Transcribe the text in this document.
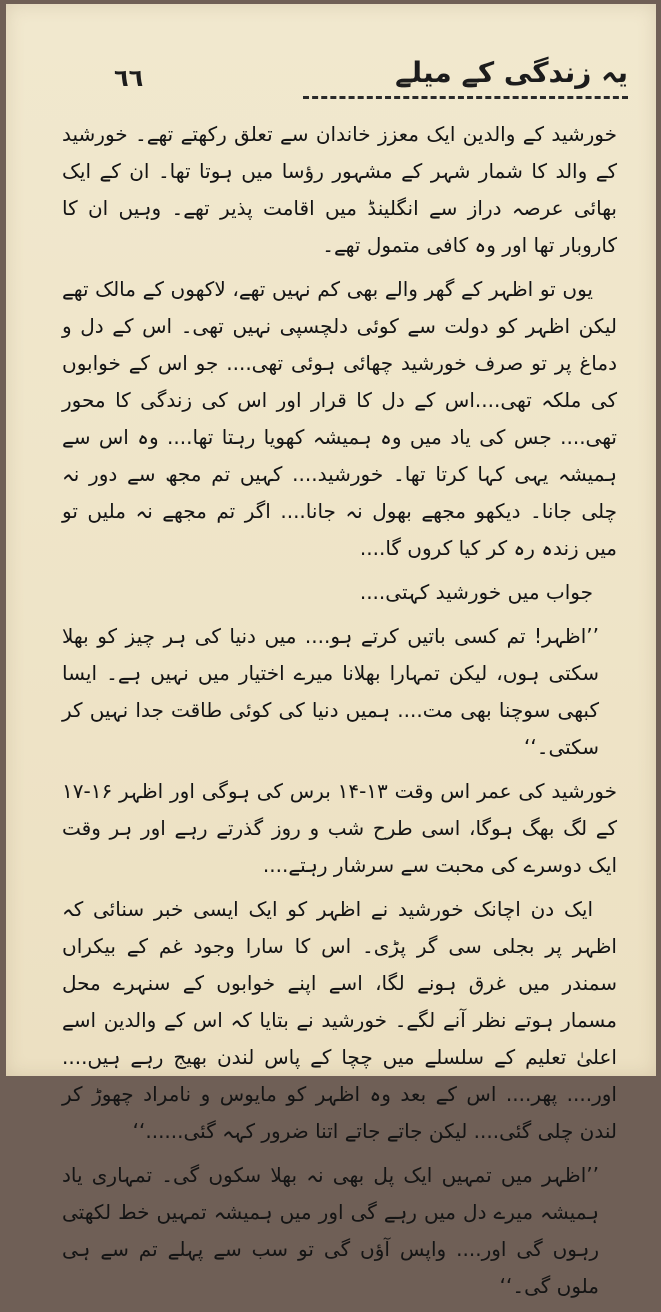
٦٦	یہ زندگی کے میلے

خورشید کے والدین ایک معزز خاندان سے تعلق رکھتے تھے۔ خورشید کے والد کا شمار شہر کے مشہور رؤسا میں ہوتا تھا۔ ان کے ایک بھائی عرصہ دراز سے انگلینڈ میں اقامت پذیر تھے۔ وہیں ان کا کاروبار تھا اور وہ کافی متمول تھے۔

یوں تو اظہر کے گھر والے بھی کم نہیں تھے، لاکھوں کے مالک تھے لیکن اظہر کو دولت سے کوئی دلچسپی نہیں تھی۔ اس کے دل و دماغ پر تو صرف خورشید چھائی ہوئی تھی.... جو اس کے خوابوں کی ملکہ تھی....اس کے دل کا قرار اور اس کی زندگی کا محور تھی.... جس کی یاد میں وہ ہمیشہ کھویا رہتا تھا.... وہ اس سے ہمیشہ یہی کہا کرتا تھا۔ خورشید.... کہیں تم مجھ سے دور نہ چلی جانا۔ دیکھو مجھے بھول نہ جانا.... اگر تم مجھے نہ ملیں تو میں زندہ رہ کر کیا کروں گا....

جواب میں خورشید کہتی....

’’اظہر! تم کسی باتیں کرتے ہو.... میں دنیا کی ہر چیز کو بھلا سکتی ہوں، لیکن تمہارا بھلانا میرے اختیار میں نہیں ہے۔ ایسا کبھی سوچنا بھی مت.... ہمیں دنیا کی کوئی طاقت جدا نہیں کر سکتی۔‘‘

خورشید کی عمر اس وقت ۱۳-۱۴ برس کی ہوگی اور اظہر ۱۶-۱۷ کے لگ بھگ ہوگا، اسی طرح شب و روز گذرتے رہے اور ہر وقت ایک دوسرے کی محبت سے سرشار رہتے....

ایک دن اچانک خورشید نے اظہر کو ایک ایسی خبر سنائی کہ اظہر پر بجلی سی گر پڑی۔ اس کا سارا وجود غم کے بیکراں سمندر میں غرق ہونے لگا، اسے اپنے خوابوں کے سنہرے محل مسمار ہوتے نظر آنے لگے۔ خورشید نے بتایا کہ اس کے والدین اسے اعلیٰ تعلیم کے سلسلے میں چچا کے پاس لندن بھیج رہے ہیں.... اور.... پھر.... اس کے بعد وہ اظہر کو مایوس و نامراد چھوڑ کر لندن چلی گئی.... لیکن جاتے جاتے اتنا ضرور کہہ گئی......‘‘

’’اظہر میں تمہیں ایک پل بھی نہ بھلا سکوں گی۔ تمہاری یاد ہمیشہ میرے دل میں رہے گی اور میں ہمیشہ تمہیں خط لکھتی رہوں گی اور.... واپس آؤں گی تو سب سے پہلے تم سے ہی ملوں گی۔‘‘
